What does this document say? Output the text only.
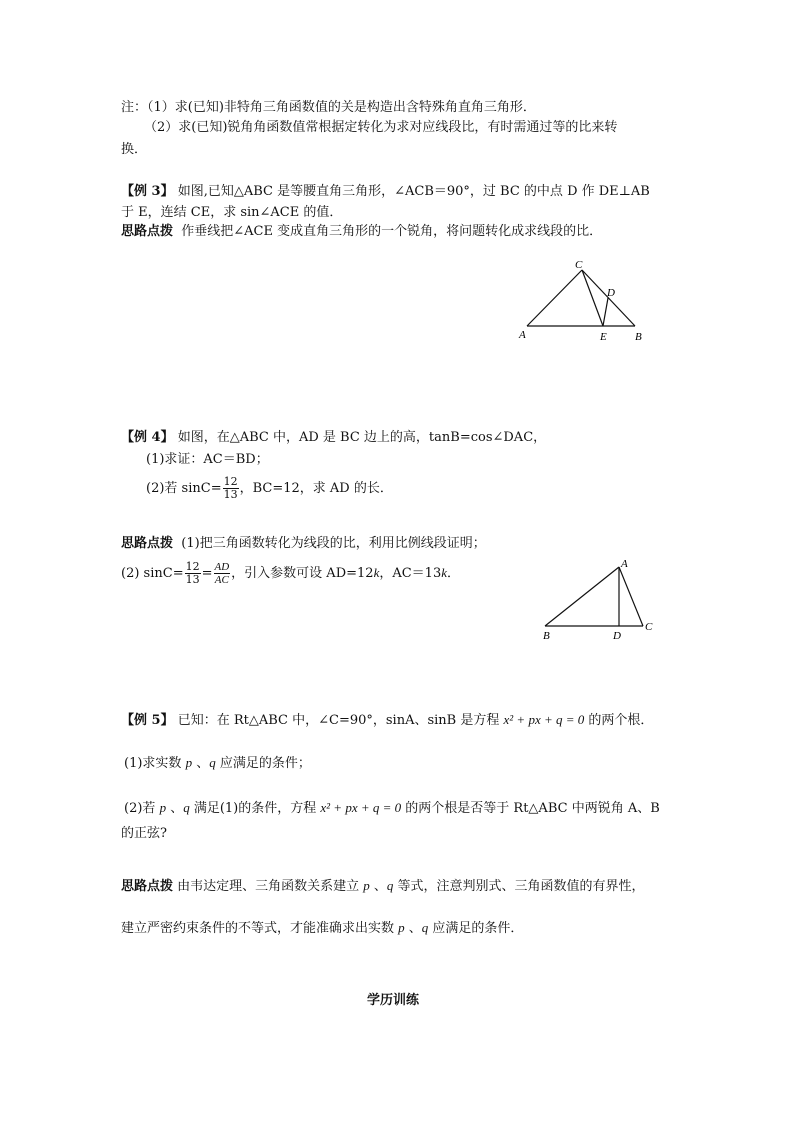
注：（1）求(已知)非特角三角函数值的关是构造出含特殊角直角三角形．
（2）求(已知)锐角角函数值常根据定转化为求对应线段比，有时需通过等的比来转
换．
【例 3】 如图,已知△ABC 是等腰直角三角形，∠ACB＝90°，过 BC 的中点 D 作 DE⊥AB
于 E，连结 CE，求 sin∠ACE 的值．
思路点拨 作垂线把∠ACE 变成直角三角形的一个锐角，将问题转化成求线段的比．
A
C
D
E	B
【例 4】 如图，在△ABC 中，AD 是 BC 边上的高，tanB=cos∠DAC，
(1)求证：AC＝BD；
(2)若 $\sin C= \frac{12}{13}$ ，BC=12，求 AD 的长．
思路点拨 (1)把三角函数转化为线段的比，利用比例线段证明；
(2) $\sin C= \frac{12}{13} = \frac{AD}{AC}$ ，引入参数可设 AD=12k，AC＝13k．
A
B	D
C
【例 5】 已知：在 Rt△ABC 中，∠C=90°，sinA、sinB 是方程 x² + px + q = 0 的两个根．
(1)求实数 p 、q 应满足的条件；
(2)若 p 、q 满足(1)的条件，方程 x² + px + q = 0 的两个根是否等于 Rt△ABC 中两锐角 A、B
的正弦?
思路点拨 由韦达定理、三角函数关系建立 p 、q 等式，注意判别式、三角函数值的有界性，
建立严密约束条件的不等式，才能准确求出实数 p 、q 应满足的条件．
学历训练
